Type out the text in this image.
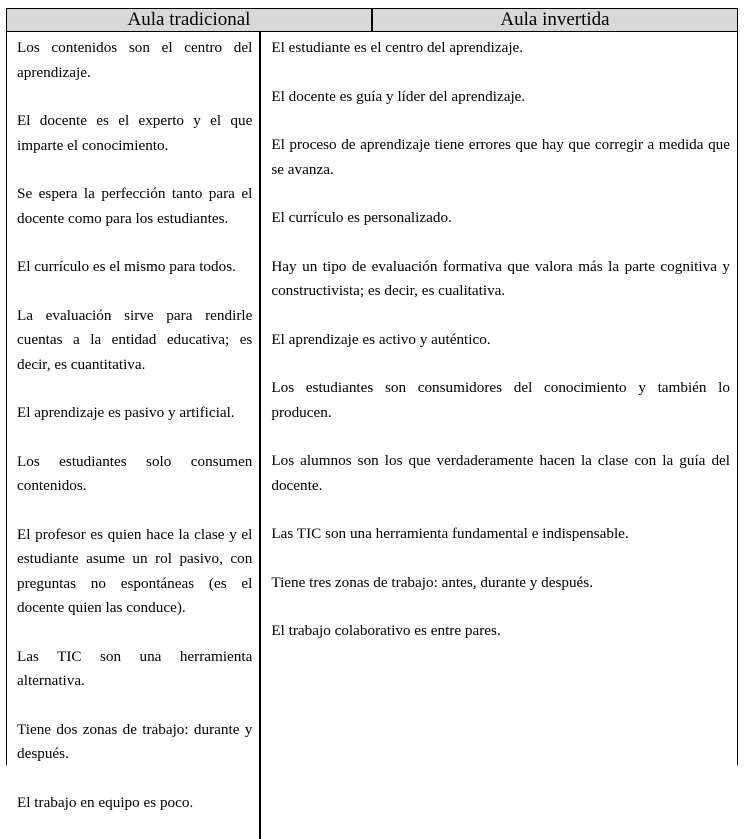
Aula tradicional	Aula invertida

Los contenidos son el centro del aprendizaje.

El docente es el experto y el que imparte el conocimiento.

Se espera la perfección tanto para el docente como para los estudiantes.

El currículo es el mismo para todos.

La evaluación sirve para rendirle cuentas a la entidad educativa; es decir, es cuantitativa.

El aprendizaje es pasivo y artificial.

Los estudiantes solo consumen contenidos.

El profesor es quien hace la clase y el estudiante asume un rol pasivo, con preguntas no espontáneas (es el docente quien las conduce).

Las TIC son una herramienta alternativa.

Tiene dos zonas de trabajo: durante y después.

El trabajo en equipo es poco.

El estudiante es el centro del aprendizaje.

El docente es guía y líder del aprendizaje.

El proceso de aprendizaje tiene errores que hay que corregir a medida que se avanza.

El currículo es personalizado.

Hay un tipo de evaluación formativa que valora más la parte cognitiva y constructivista; es decir, es cualitativa.

El aprendizaje es activo y auténtico.

Los estudiantes son consumidores del conocimiento y también lo producen.

Los alumnos son los que verdaderamente hacen la clase con la guía del docente.

Las TIC son una herramienta fundamental e indispensable.

Tiene tres zonas de trabajo: antes, durante y después.

El trabajo colaborativo es entre pares.
